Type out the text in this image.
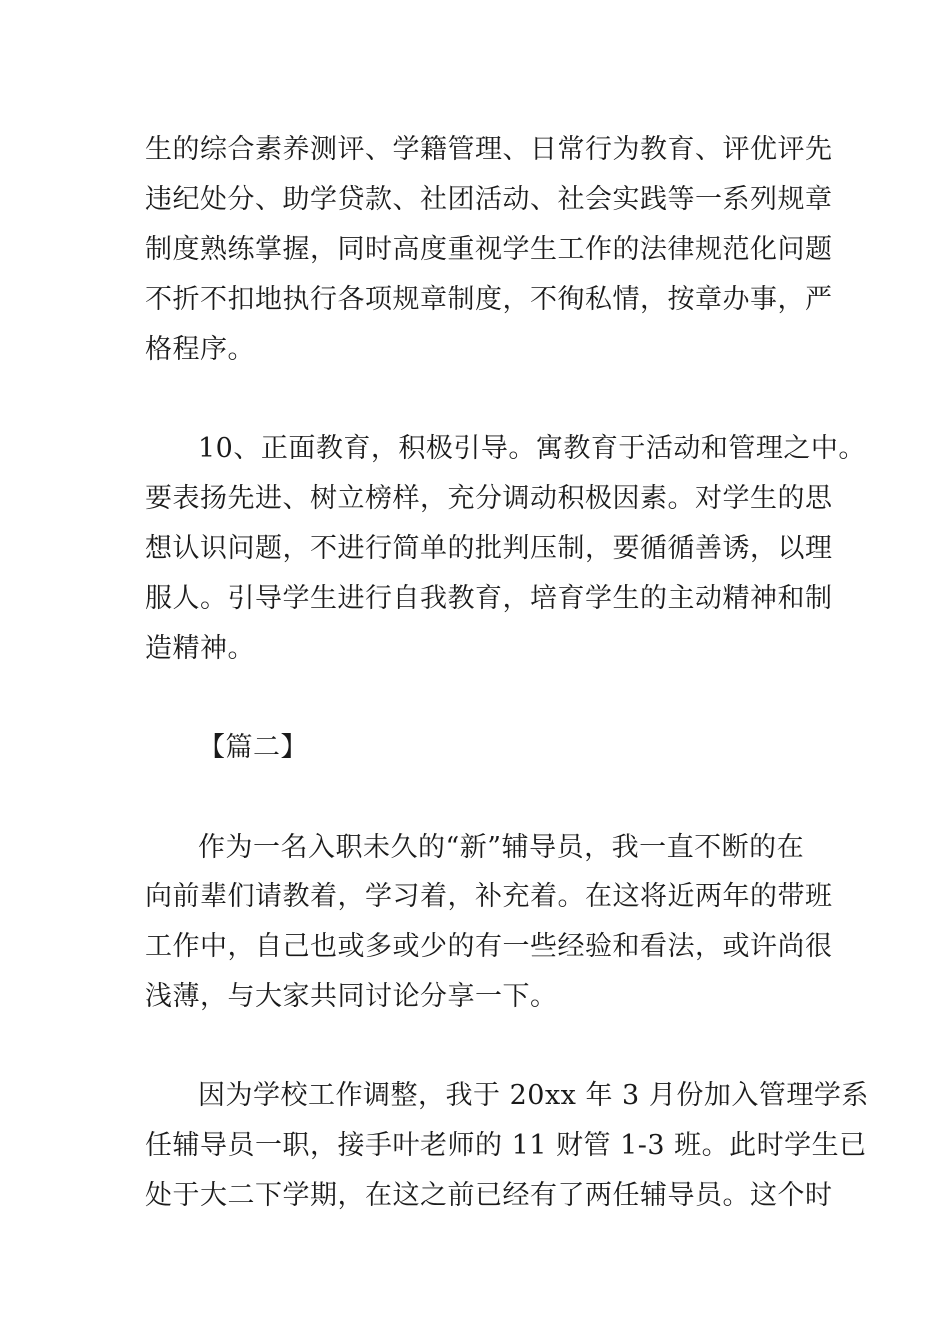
生的综合素养测评、学籍管理、日常行为教育、评优评先
违纪处分、助学贷款、社团活动、社会实践等一系列规章
制度熟练掌握，同时高度重视学生工作的法律规范化问题
不折不扣地执行各项规章制度，不徇私情，按章办事，严
格程序。
10、正面教育，积极引导。寓教育于活动和管理之中。
要表扬先进、树立榜样，充分调动积极因素。对学生的思
想认识问题，不进行简单的批判压制，要循循善诱，以理
服人。引导学生进行自我教育，培育学生的主动精神和制
造精神。
【篇二】
作为一名入职未久的“新”辅导员，我一直不断的在
向前辈们请教着，学习着，补充着。在这将近两年的带班
工作中，自己也或多或少的有一些经验和看法，或许尚很
浅薄，与大家共同讨论分享一下。
因为学校工作调整，我于 20xx 年 3 月份加入管理学系
任辅导员一职，接手叶老师的 11 财管 1-3 班。此时学生已
处于大二下学期，在这之前已经有了两任辅导员。这个时
